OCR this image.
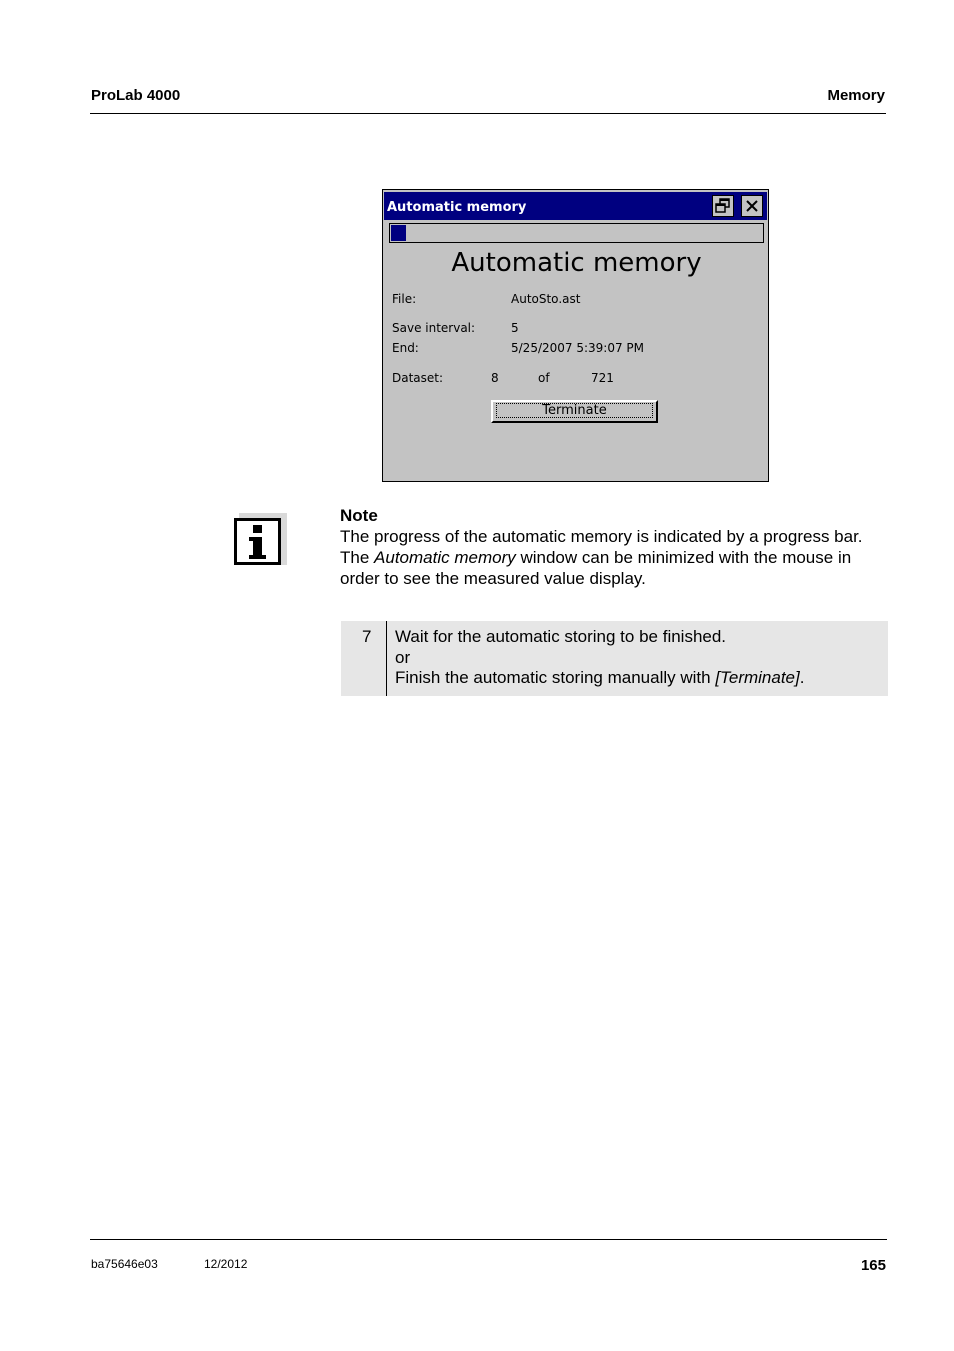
ProLab 4000	Memory
Automatic memory
Automatic memory
File:	AutoSto.ast
Save interval:	5
End:	5/25/2007 5:39:07 PM
Dataset:	8	of	721
Terminate
Note
The progress of the automatic memory is indicated by a progress bar. The Automatic memory window can be minimized with the mouse in order to see the measured value display.
7 Wait for the automatic storing to be finished.
or
Finish the automatic storing manually with [Terminate].
ba75646e03	12/2012	165
